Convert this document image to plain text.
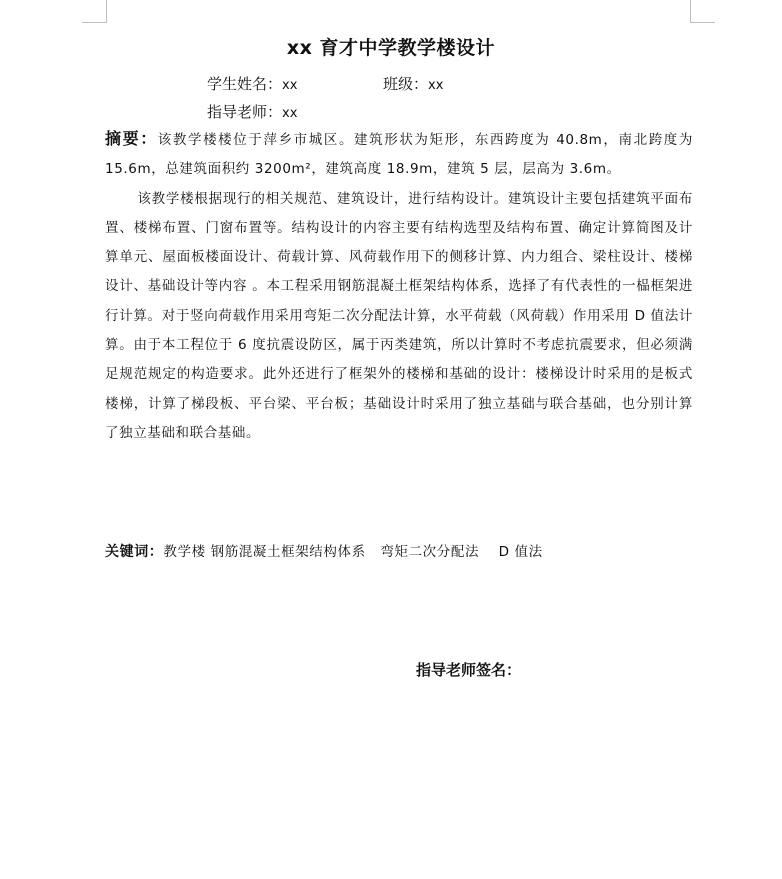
xx 育才中学教学楼设计
学生姓名：xx	班级：xx
指导老师：xx

摘要：该教学楼楼位于萍乡市城区。建筑形状为矩形，东西跨度为 40.8m，南北跨度为 15.6m，总建筑面积约 3200m²，建筑高度 18.9m，建筑 5 层，层高为 3.6m。

该教学楼根据现行的相关规范、建筑设计，进行结构设计。建筑设计主要包括建筑平面布置、楼梯布置、门窗布置等。结构设计的内容主要有结构选型及结构布置、确定计算简图及计算单元、屋面板楼面设计、荷载计算、风荷载作用下的侧移计算、内力组合、梁柱设计、楼梯设计、基础设计等内容 。本工程采用钢筋混凝土框架结构体系，选择了有代表性的一榀框架进行计算。对于竖向荷载作用采用弯矩二次分配法计算，水平荷载（风荷载）作用采用 D 值法计算。由于本工程位于 6 度抗震设防区，属于丙类建筑，所以计算时不考虑抗震要求，但必须满足规范规定的构造要求。此外还进行了框架外的楼梯和基础的设计：楼梯设计时采用的是板式楼梯，计算了梯段板、平台梁、平台板；基础设计时采用了独立基础与联合基础，也分别计算了独立基础和联合基础。

关键词：教学楼 钢筋混凝土框架结构体系   弯矩二次分配法    D 值法
指导老师签名：
